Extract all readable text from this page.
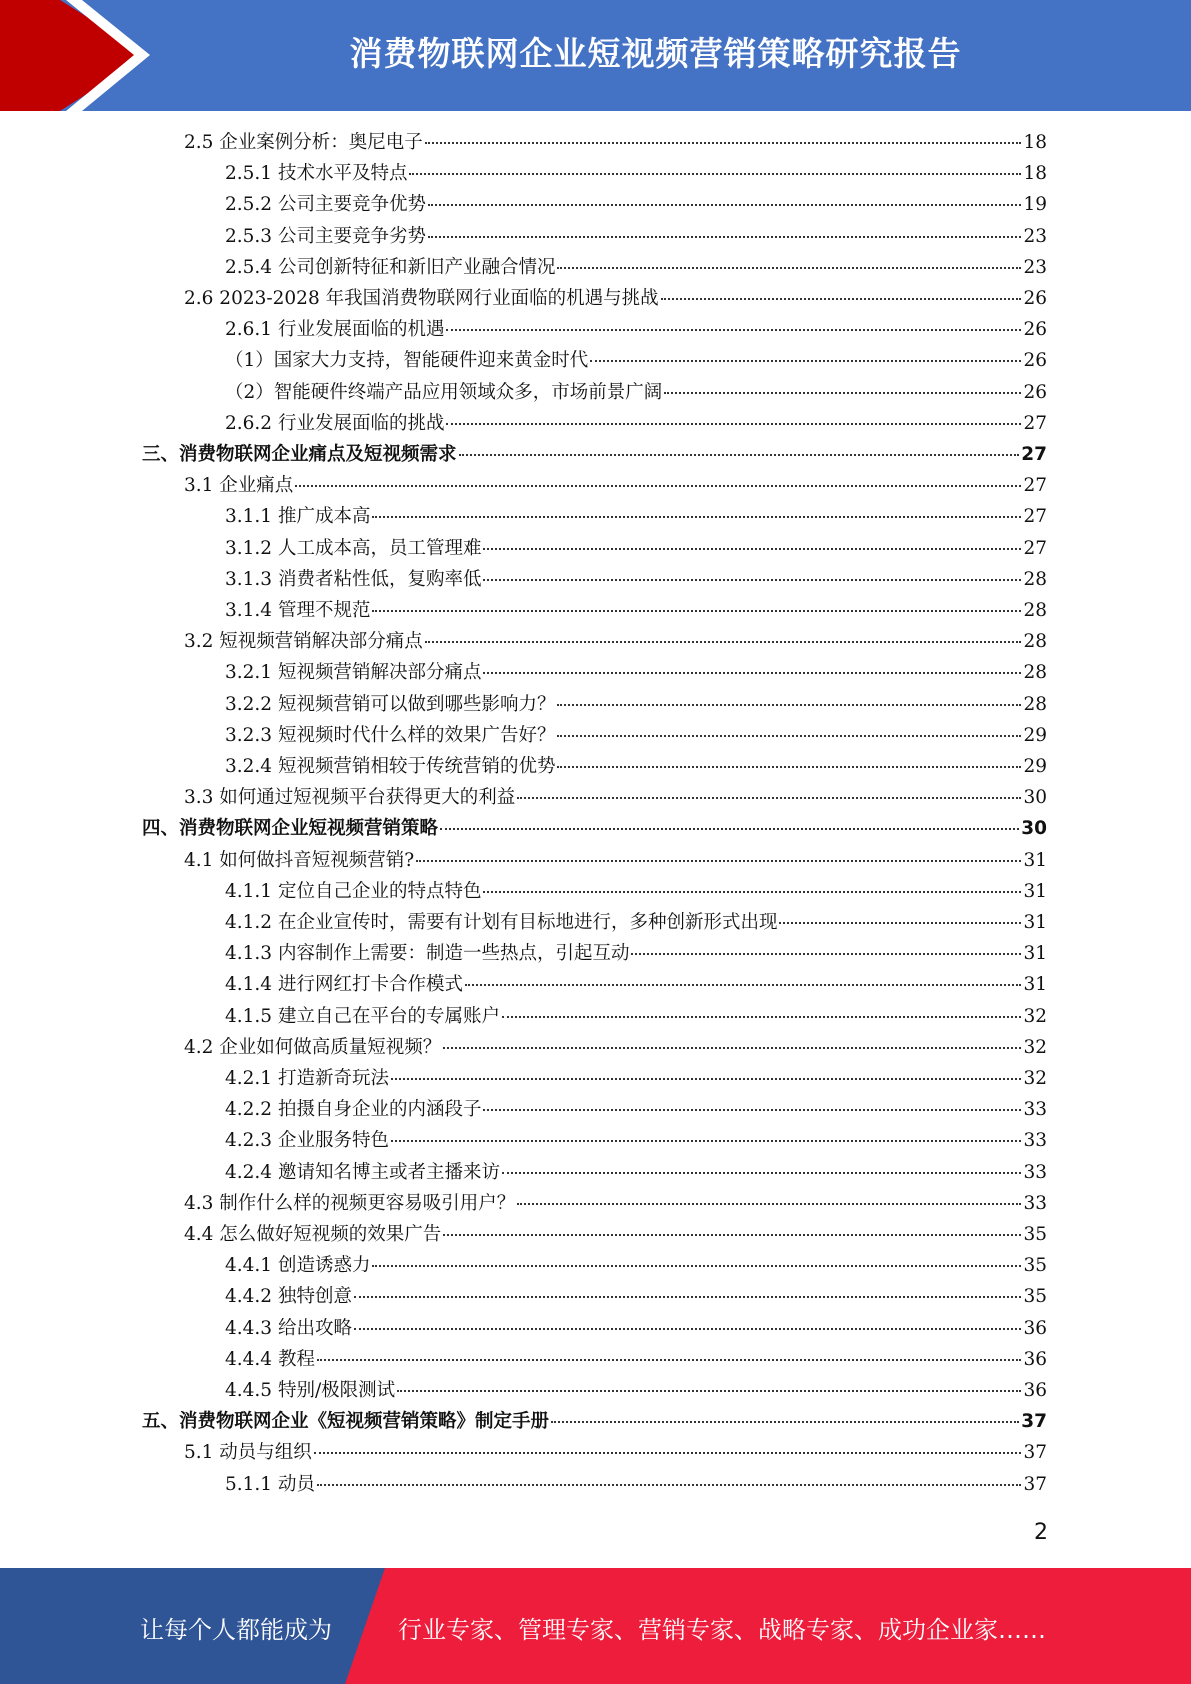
消费物联网企业短视频营销策略研究报告
2.5 企业案例分析：奥尼电子	18
2.5.1 技术水平及特点	18
2.5.2 公司主要竞争优势	19
2.5.3 公司主要竞争劣势	23
2.5.4 公司创新特征和新旧产业融合情况	23
2.6 2023-2028 年我国消费物联网行业面临的机遇与挑战	26
2.6.1 行业发展面临的机遇	26
（1）国家大力支持，智能硬件迎来黄金时代	26
（2）智能硬件终端产品应用领域众多，市场前景广阔	26
2.6.2 行业发展面临的挑战	27
三、消费物联网企业痛点及短视频需求	27
3.1 企业痛点	27
3.1.1 推广成本高	27
3.1.2 人工成本高，员工管理难	27
3.1.3 消费者粘性低，复购率低	28
3.1.4 管理不规范	28
3.2 短视频营销解决部分痛点	28
3.2.1 短视频营销解决部分痛点	28
3.2.2 短视频营销可以做到哪些影响力？	28
3.2.3 短视频时代什么样的效果广告好？	29
3.2.4 短视频营销相较于传统营销的优势	29
3.3 如何通过短视频平台获得更大的利益	30
四、消费物联网企业短视频营销策略	30
4.1 如何做抖音短视频营销?	31
4.1.1 定位自己企业的特点特色	31
4.1.2 在企业宣传时，需要有计划有目标地进行，多种创新形式出现	31
4.1.3 内容制作上需要：制造一些热点，引起互动	31
4.1.4 进行网红打卡合作模式	31
4.1.5 建立自己在平台的专属账户	32
4.2 企业如何做高质量短视频？	32
4.2.1 打造新奇玩法	32
4.2.2 拍摄自身企业的内涵段子	33
4.2.3 企业服务特色	33
4.2.4 邀请知名博主或者主播来访	33
4.3 制作什么样的视频更容易吸引用户？	33
4.4 怎么做好短视频的效果广告	35
4.4.1 创造诱惑力	35
4.4.2 独特创意	35
4.4.3 给出攻略	36
4.4.4 教程	36
4.4.5 特别/极限测试	36
五、消费物联网企业《短视频营销策略》制定手册	37
5.1 动员与组织	37
5.1.1 动员	37
2
让每个人都能成为	行业专家、管理专家、营销专家、战略专家、成功企业家……
